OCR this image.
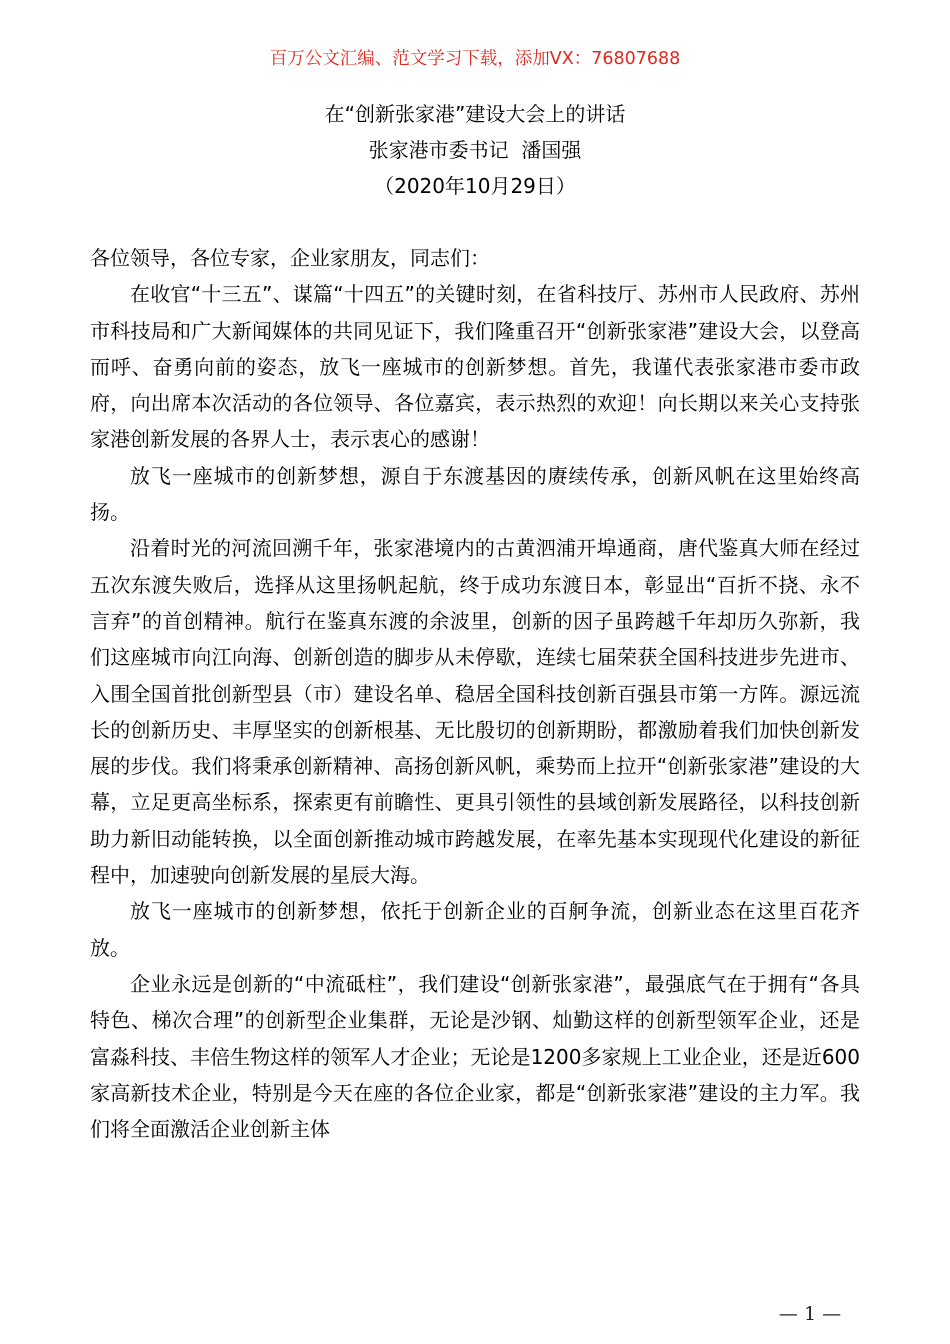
百万公文汇编、范文学习下载，添加VX：76807688
在“创新张家港”建设大会上的讲话
张家港市委书记  潘国强
（2020年10月29日）

各位领导，各位专家，企业家朋友，同志们：

在收官“十三五”、谋篇“十四五”的关键时刻，在省科技厅、苏州市人民政府、苏州市科技局和广大新闻媒体的共同见证下，我们隆重召开“创新张家港”建设大会，以登高而呼、奋勇向前的姿态，放飞一座城市的创新梦想。首先，我谨代表张家港市委市政府，向出席本次活动的各位领导、各位嘉宾，表示热烈的欢迎！向长期以来关心支持张家港创新发展的各界人士，表示衷心的感谢！

放飞一座城市的创新梦想，源自于东渡基因的赓续传承，创新风帆在这里始终高扬。

沿着时光的河流回溯千年，张家港境内的古黄泗浦开埠通商，唐代鉴真大师在经过五次东渡失败后，选择从这里扬帆起航，终于成功东渡日本，彰显出“百折不挠、永不言弃”的首创精神。航行在鉴真东渡的余波里，创新的因子虽跨越千年却历久弥新，我们这座城市向江向海、创新创造的脚步从未停歇，连续七届荣获全国科技进步先进市、入围全国首批创新型县（市）建设名单、稳居全国科技创新百强县市第一方阵。源远流长的创新历史、丰厚坚实的创新根基、无比殷切的创新期盼，都激励着我们加快创新发展的步伐。我们将秉承创新精神、高扬创新风帆，乘势而上拉开“创新张家港”建设的大幕，立足更高坐标系，探索更有前瞻性、更具引领性的县域创新发展路径，以科技创新助力新旧动能转换，以全面创新推动城市跨越发展，在率先基本实现现代化建设的新征程中，加速驶向创新发展的星辰大海。

放飞一座城市的创新梦想，依托于创新企业的百舸争流，创新业态在这里百花齐放。

企业永远是创新的“中流砥柱”，我们建设“创新张家港”，最强底气在于拥有“各具特色、梯次合理”的创新型企业集群，无论是沙钢、灿勤这样的创新型领军企业，还是富淼科技、丰倍生物这样的领军人才企业；无论是1200多家规上工业企业，还是近600家高新技术企业，特别是今天在座的各位企业家，都是“创新张家港”建设的主力军。我们将全面激活企业创新主体

— 1 —
